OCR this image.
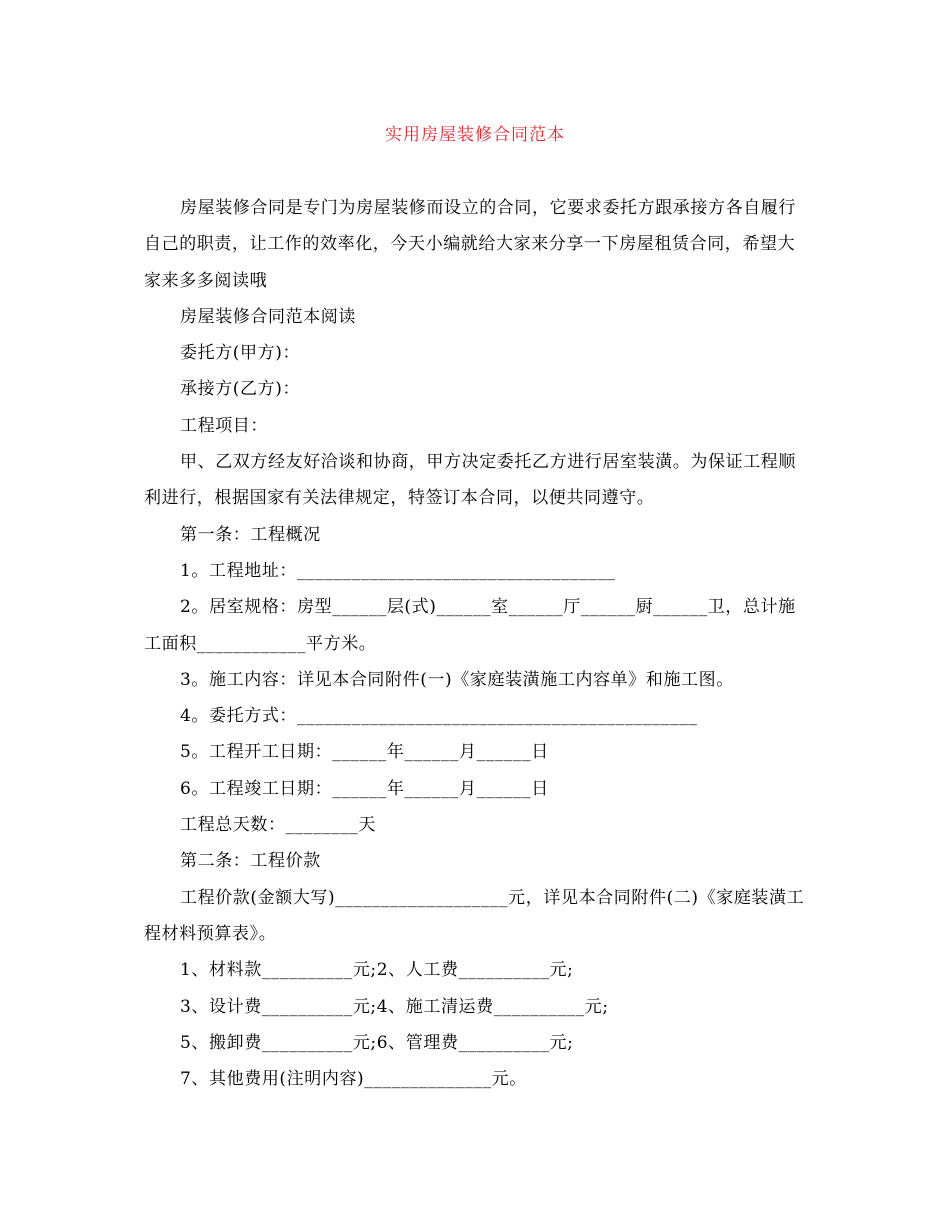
实用房屋装修合同范本

房屋装修合同是专门为房屋装修而设立的合同，它要求委托方跟承接方各自履行自己的职责，让工作的效率化，今天小编就给大家来分享一下房屋租赁合同，希望大家来多多阅读哦

房屋装修合同范本阅读

委托方(甲方)：

承接方(乙方)：

工程项目：

甲、乙双方经友好洽谈和协商，甲方决定委托乙方进行居室装潢。为保证工程顺利进行，根据国家有关法律规定，特签订本合同，以便共同遵守。

第一条：工程概况

1。工程地址：___________________________________

2。居室规格：房型______层(式)______室______厅______厨______卫，总计施工面积____________平方米。

3。施工内容：详见本合同附件(一)《家庭装潢施工内容单》和施工图。

4。委托方式：____________________________________________

5。工程开工日期：______年______月______日

6。工程竣工日期：______年______月______日

工程总天数：________天

第二条：工程价款

工程价款(金额大写)___________________元，详见本合同附件(二)《家庭装潢工程材料预算表》。

1、材料款__________元;2、人工费__________元;

3、设计费__________元;4、施工清运费__________元;

5、搬卸费__________元;6、管理费__________元;

7、其他费用(注明内容)______________元。
